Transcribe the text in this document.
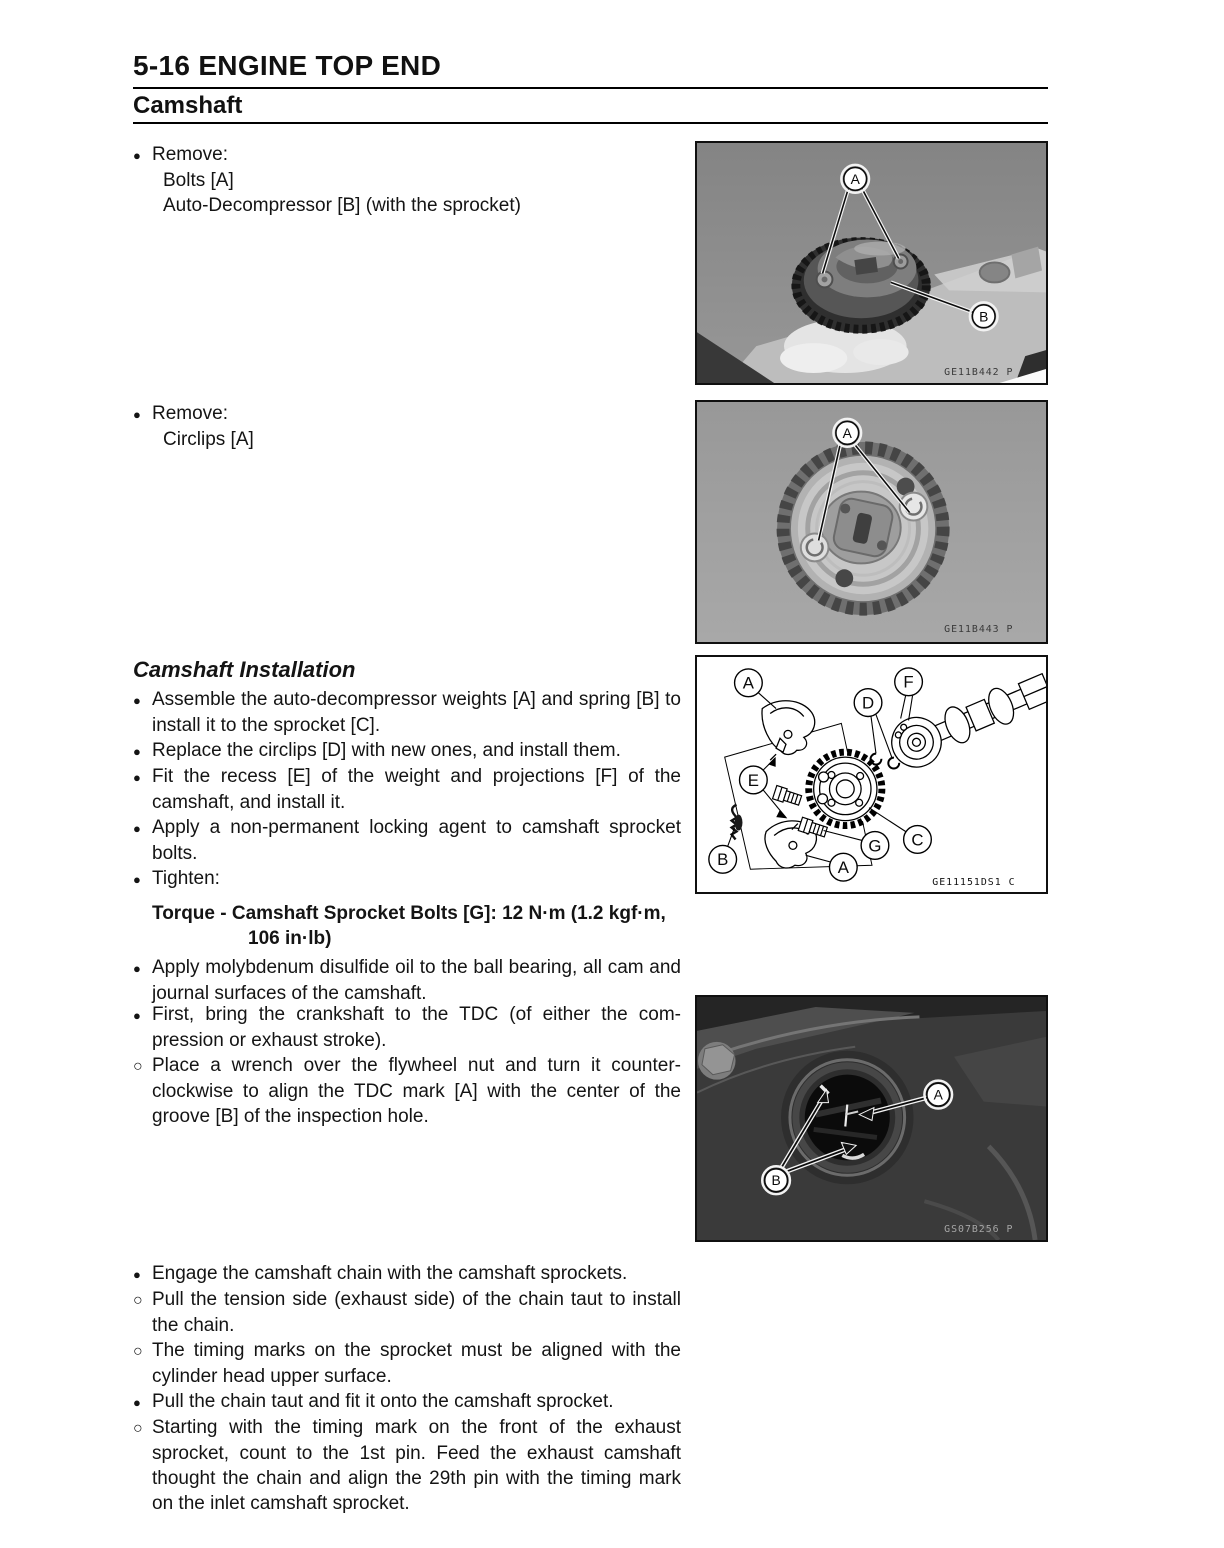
5-16 ENGINE TOP END
Camshaft

● Remove:

Bolts [A]

Auto-Decompressor [B] (with the sprocket)

● Remove:

Circlips [A]

Camshaft Installation

● Assemble the auto-decompressor weights [A] and spring [B] to install it to the sprocket [C].

● Replace the circlips [D] with new ones, and install them.

● Fit the recess [E] of the weight and projections [F] of the camshaft, and install it.

● Apply a non-permanent locking agent to camshaft sprocket bolts.

● Tighten:

Torque - Camshaft Sprocket Bolts [G]: 12 N·m (1.2 kgf·m,

106 in·lb)

● Apply molybdenum disulfide oil to the ball bearing, all cam and journal surfaces of the camshaft.

● First, bring the crankshaft to the TDC (of either the compression or exhaust stroke).

○ Place a wrench over the flywheel nut and turn it counterclockwise to align the TDC mark [A] with the center of the groove [B] of the inspection hole.

● Engage the camshaft chain with the camshaft sprockets.

○ Pull the tension side (exhaust side) of the chain taut to install the chain.

○ The timing marks on the sprocket must be aligned with the cylinder head upper surface.

● Pull the chain taut and fit it onto the camshaft sprocket.

○ Starting with the timing mark on the front of the exhaust sprocket, count to the 1st pin. Feed the exhaust camshaft thought the chain and align the 29th pin with the timing mark on the inlet camshaft sprocket.

A
B
GE11B442 P
A
GE11B443 P
A	F
D
E
B
G C
A
GE11151DS1 C
A
B
GS07B256 P
